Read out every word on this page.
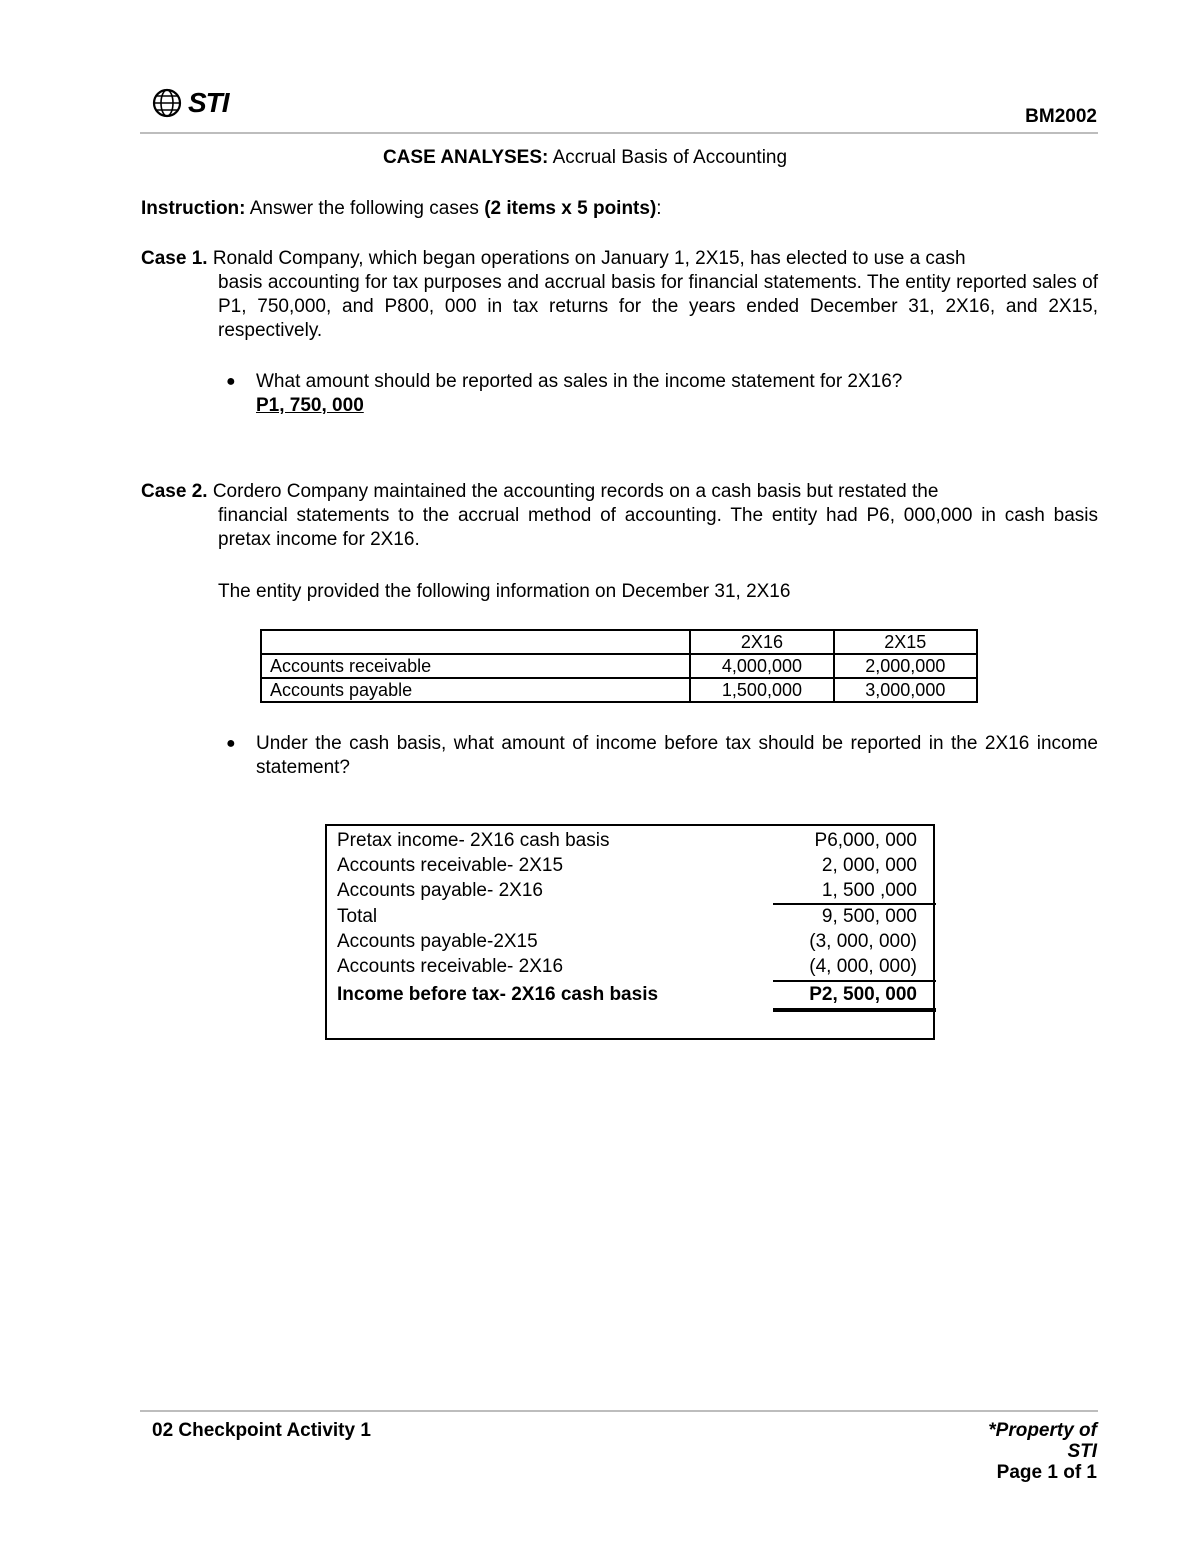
STI	BM2002
CASE ANALYSES: Accrual Basis of Accounting
Instruction: Answer the following cases (2 items x 5 points):
Case 1. Ronald Company, which began operations on January 1, 2X15, has elected to use a cash
basis accounting for tax purposes and accrual basis for financial statements. The entity reported sales of P1, 750,000, and P800, 000 in tax returns for the years ended December 31, 2X16, and 2X15, respectively.
●	What amount should be reported as sales in the income statement for 2X16?
P1, 750, 000
Case 2. Cordero Company maintained the accounting records on a cash basis but restated the
financial statements to the accrual method of accounting. The entity had P6, 000,000 in cash basis pretax income for 2X16.
The entity provided the following information on December 31, 2X16
	2X16	2X15
Accounts receivable	4,000,000	2,000,000
Accounts payable	1,500,000	3,000,000
●	Under the cash basis, what amount of income before tax should be reported in the 2X16 income statement?
Pretax income- 2X16 cash basis	P6,000, 000
Accounts receivable- 2X15	2, 000, 000
Accounts payable- 2X16	1, 500 ,000
Total	9, 500, 000
Accounts payable-2X15	(3, 000, 000)
Accounts receivable- 2X16	(4, 000, 000)
Income before tax- 2X16 cash basis	P2, 500, 000
02 Checkpoint Activity 1	*Property of
STI
Page 1 of 1
